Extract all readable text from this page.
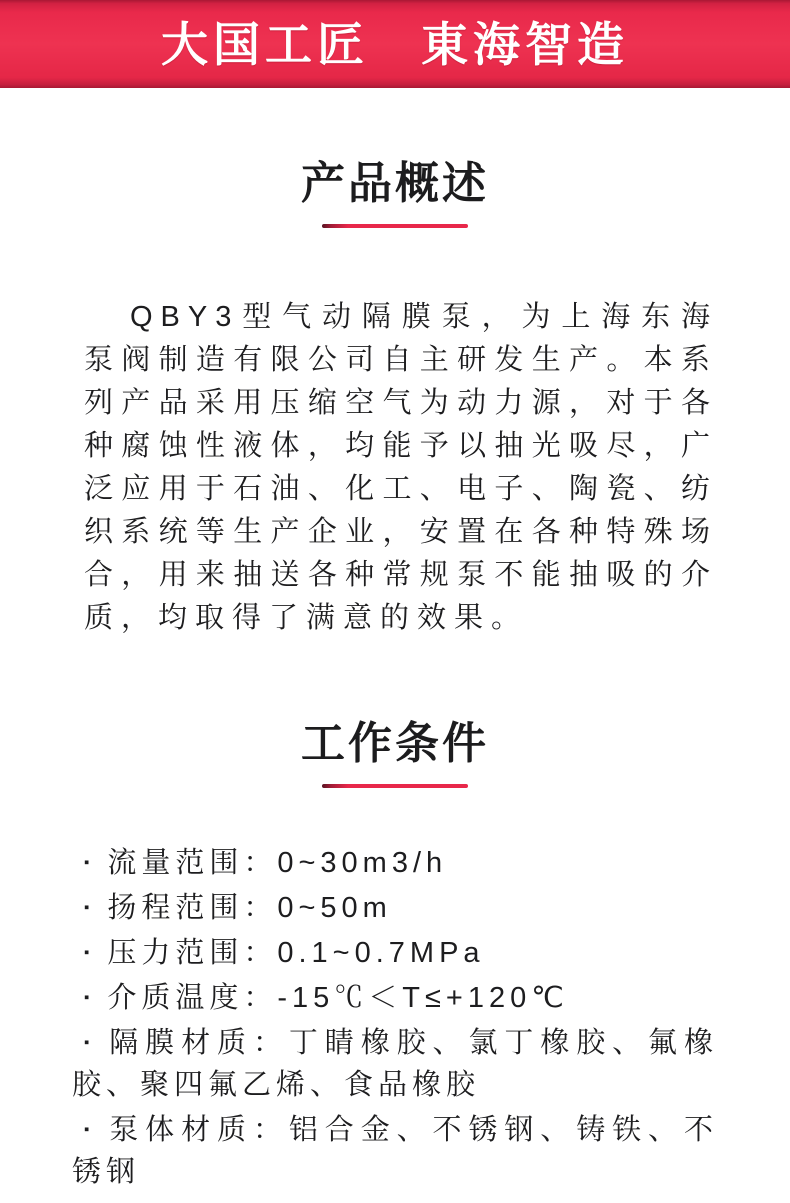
大国工匠　東海智造
产品概述

QBY3型气动隔膜泵，为上海东海泵阀制造有限公司自主研发生产。本系列产品采用压缩空气为动力源，对于各种腐蚀性液体，均能予以抽光吸尽，广泛应用于石油、化工、电子、陶瓷、纺织系统等生产企业，安置在各种特殊场合，用来抽送各种常规泵不能抽吸的介质，均取得了满意的效果。

工作条件
▪ 流量范围：0~30m3/h
▪ 扬程范围：0~50m
▪ 压力范围：0.1~0.7MPa
▪ 介质温度：-15℃＜T≤+120℃
▪ 隔膜材质：丁睛橡胶、氯丁橡胶、氟橡胶、聚四氟乙烯、食品橡胶
▪ 泵体材质：铝合金、不锈钢、铸铁、不锈钢
